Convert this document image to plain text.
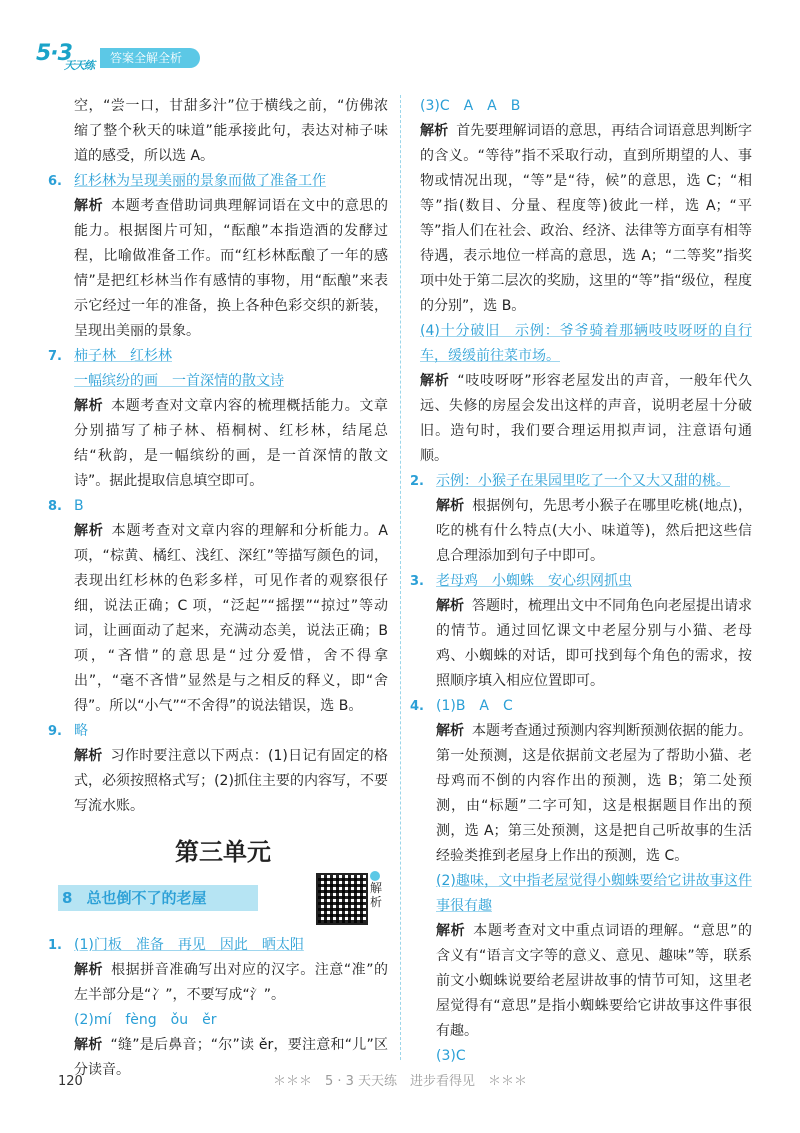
5·3
天天练
答案全解全析

空，“尝一口，甘甜多汁”位于横线之前，“仿佛浓缩了整个秋天的味道”能承接此句，表达对柿子味道的感受，所以选 A。

6. 红杉林为呈现美丽的景象而做了准备工作

解析 本题考查借助词典理解词语在文中的意思的能力。根据图片可知，“酝酿”本指造酒的发酵过程，比喻做准备工作。而“红杉林酝酿了一年的感情”是把红杉林当作有感情的事物，用“酝酿”来表示它经过一年的准备，换上各种色彩交织的新装，呈现出美丽的景象。

7. 柿子林　红杉林

一幅缤纷的画　一首深情的散文诗

解析 本题考查对文章内容的梳理概括能力。文章分别描写了柿子林、梧桐树、红杉林，结尾总结“秋韵，是一幅缤纷的画，是一首深情的散文诗”。据此提取信息填空即可。

8. B

解析 本题考查对文章内容的理解和分析能力。A 项，“棕黄、橘红、浅红、深红”等描写颜色的词，表现出红杉林的色彩多样，可见作者的观察很仔细，说法正确；C 项，“泛起”“摇摆”“掠过”等动词，让画面动了起来，充满动态美，说法正确；B 项，“吝惜”的意思是“过分爱惜，舍不得拿出”，“毫不吝惜”显然是与之相反的释义，即“舍得”。所以“小气”“不舍得”的说法错误，选 B。

9. 略

解析 习作时要注意以下两点：(1)日记有固定的格式，必须按照格式写；(2)抓住主要的内容写，不要写流水账。

第三单元
8 总也倒不了的老屋
解析
1. (1)门板　准备　再见　因此　晒太阳

解析 根据拼音准确写出对应的汉字。注意“准”的左半部分是“冫”，不要写成“氵”。

(2)mí　fèng　ǒu　ěr

解析 “缝”是后鼻音；“尔”读 ěr，要注意和“儿”区分读音。

(3)C　A　A　B

解析 首先要理解词语的意思，再结合词语意思判断字的含义。“等待”指不采取行动，直到所期望的人、事物或情况出现，“等”是“待，候”的意思，选 C；“相等”指(数目、分量、程度等)彼此一样，选 A；“平等”指人们在社会、政治、经济、法律等方面享有相等待遇，表示地位一样高的意思，选 A；“二等奖”指奖项中处于第二层次的奖励，这里的“等”指“级位，程度的分别”，选 B。

(4)十分破旧　示例：爷爷骑着那辆吱吱呀呀的自行车，缓缓前往菜市场。

解析 “吱吱呀呀”形容老屋发出的声音，一般年代久远、失修的房屋会发出这样的声音，说明老屋十分破旧。造句时，我们要合理运用拟声词，注意语句通顺。

2. 示例：小猴子在果园里吃了一个又大又甜的桃。

解析 根据例句，先思考小猴子在哪里吃桃(地点)，吃的桃有什么特点(大小、味道等)，然后把这些信息合理添加到句子中即可。

3. 老母鸡　小蜘蛛　安心织网抓虫

解析 答题时，梳理出文中不同角色向老屋提出请求的情节。通过回忆课文中老屋分别与小猫、老母鸡、小蜘蛛的对话，即可找到每个角色的需求，按照顺序填入相应位置即可。

4. (1)B　A　C

解析 本题考查通过预测内容判断预测依据的能力。第一处预测，这是依据前文老屋为了帮助小猫、老母鸡而不倒的内容作出的预测，选 B；第二处预测，由“标题”二字可知，这是根据题目作出的预测，选 A；第三处预测，这是把自己听故事的生活经验类推到老屋身上作出的预测，选 C。

(2)趣味，文中指老屋觉得小蜘蛛要给它讲故事这件事很有趣

解析 本题考查对文中重点词语的理解。“意思”的含义有“语言文字等的意义、意见、趣味”等，联系前文小蜘蛛说要给老屋讲故事的情节可知，这里老屋觉得有“意思”是指小蜘蛛要给它讲故事这件事很有趣。

(3)C

120	＊＊＊　5 · 3 天天练　进步看得见　＊＊＊
